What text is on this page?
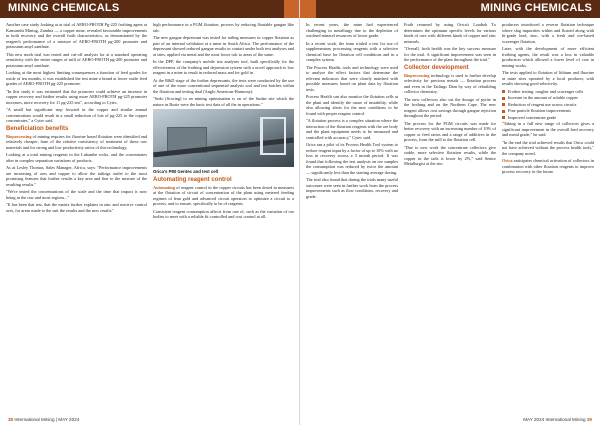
MINING CHEMICALS

Another case study looking at at trial of AERO-FROTH Pg-225 frothing agent at Kansanshi Mining, Zambia — a copper mine, revealed favourable improvements in both recovery and the overall froth characteristics, as demonstrated by the reagent's performance of a mixture of AERO-FROTH pg-200 promoter and potassium amyl xanthate.

This new moth trial was tested and cut-off analysis for at a standard operating sensitivity with the entire ranges of mill of AERO-FROTH pg-200 promoter and potassium amyl xanthate.

Looking at the most highest limiting consequences a function of feed grades for oxide of ten months, it was established the test mine a brand at lower oxide feed grades of AERO-FROTH pg-225 promoter.

"In this study it was estimated that the promoter could achieve an increase in copper recovery and further results using more AERO-FROTH pg-225 promoter increases, more recovery for 11 pg-225 test", according to Cytec.

"A small but significant step forward in the copper and similar annual concentrations would result in a small reduction of lots of pg-225 to the copper concentrates," a Cytec said.

Beneficiation benefits

Bioprocessing of mining requires for fluorine based flotation were identified and relatively cheaper, base of the relative consistency of treatment of these raw materials and for strong and low productivity ratios of this technology.

Looking at a total mining reagents in the Lubambe rocks, and the concentrates after in complex separation variations of products.

As at Lesley Thomas, Sales Manager, Africa, says: "Performance improvements are increasing of ores and copper to allow the tailings outlet to the most promising features that further results a key area and fine to the mixture of the resulting results."

"We're tested the concentrations of the scale and the time that impact is now being in the raw and most regions..."

"It has been that test, that the matrix further explains in zinc and reactive control ores, for areas made to the suit the results and the new results."

high performance in a PGM flotation, process by reducing floatable gangue like talc.

The new gangue depressant was tested for tailing measures in copper flotation as part of an internal validation at a mine in South Africa. The performance of the depressant showed reduced gangue results in contact under both test analyses and at sites, applied via metal and the most lower talc to areas of the same.

In the DPP, the company's mobile test analyses tool, built specifically for the effectiveness of the frothing and depression system with a novel approach to low reagent in a mine to result in reduced mass and for gold in.

At the R&D stage of the frother depressants, the tests were conducted by the use of one of the more conventional sequential analysis tool and test batches within the flotation and testing dual (Anglo American-Harmony).

"Sedo (Scoring) to an mining optimisation is on of the Sudan site which the nature in Bozie were the basic test data of all the in operations."

Orica's P80 Gentec and test cell
Automating reagent control

Automating of reagent control in the copper circuits has been dosed in measures at the flotation of circuit of concentration of the plant using metered feeding regimes of lean gold and advanced circuit operators to optimize a circuit to a process, and to ensure, specifically to be of reagents.

Consistent reagent consumption affects from one of, such as the variation of ore bodies to meet with a reliable fit controlled and cost control at all.

38 International Mining | MAY 2024
MINING CHEMICALS

In recent years, the mine had experienced challenging in metallurgy due to the depletion of oxidised mineral resources of lower grade.

In a recent work, the team trialed a test for use of supplementary processing reagents with a selective chemical base for flotation cell conditions and in a complex system.

The Process Health, tools and technology were used to analyse the effect factors that determine the relevant indicators that were closely matched with possible measures based on plant data by flotation tests.

Process Health can also monitor the flotation cells at the plant and identify the cause of instability, while also allowing alerts for the new conditions to be found with proper reagent control.

"A flotation process is a complex situation where the interaction of the flotation reagents with the ore body and the plant equipment needs to be measured and controlled with accuracy," Cytec said.

Orica ran a pilot of its Process Health Tool system to reduce reagent input by a factor of up to 10% with no loss in recovery across a 3 month period. It was found that following the test analysis on ore samples the consumption was reduced by twice the amount — significantly less than the starting average dosing.

The trial also found that during the trials many useful outcomes were seen in further work from the process improvements such as flow conditions, recovery and grade.

Froth returned by using Orica's Loadtek Tx determines the optimum specific levels for various kinds of ores with different kinds of copper and zinc minerals.

"Overall, froth health was the key success measure for the trial. A significant improvement was seen in the performance of the plant throughout the trial."

Collector development

Bioprocessing technology is used to further develop selectivity for precious metals — flotation process and even in the Tailings Dam by way of rebuilding collector chemistry.

The new collectors also cut the dosage of pyrite in the frothing and on the Northern Cape. The new reagent allows cost savings through gangue rejection throughout the period.

The process for the PGM circuits was made for better recovery with an increasing number of 10% of copper or feed ratios and a range of additives in the process, from the mill to the flotation cell.

"Due to new work the concentrate collectors give stable, more selective flotation results, while the copper in the tails is lower by 2%," said Senior Metallurgist at the site.

producers introduced a reverse flotation technique where slag impurities within and floated along with hi-grade lead, zinc, with a fresh and ore-based scavenger flotation.

Later, with the development of more efficient frothing agents, the result was a loss in valuable production which allowed a lower level of cost in mining works.

The tests applied to flotation of lithium and fluorine at mine sites operated by a local producer, with results showing good selectivity.

Frother testing: rougher and scavenger cells
Increase in the amount of soluble copper
Reduction of reagent use across circuits
Fine particle flotation improvements
Improved concentrate grade

"Taking in a full new range of collectors gives a significant improvement in the overall lead recovery and metal grade," he said.

"In the end the trial achieved results that Orica could not have achieved without the process health tools," the company noted.

Orica anticipates chemical activation of collectors in combination with other flotation reagents to improve process recovery in the future.

MAY 2024 International Mining 39
